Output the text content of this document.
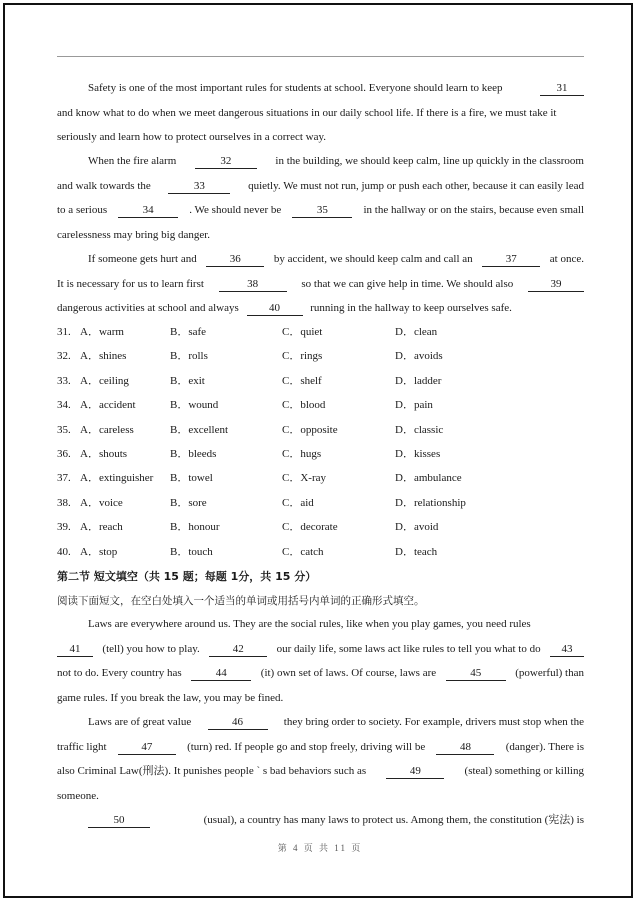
Safety is one of the most important rules for students at school. Everyone should learn to keep	31
and know what to do when we meet dangerous situations in our daily school life. If there is a fire, we must take it
seriously and learn how to protect ourselves in a correct way.
When the fire alarm	32	in the building, we should keep calm, line up quickly in the classroom
and walk towards the	33	quietly. We must not run, jump or push each other, because it can easily lead
to a serious	34	. We should never be	35	in the hallway or on the stairs, because even small
carelessness may bring big danger.
If someone gets hurt and	36	by accident, we should keep calm and call an	37	at once.
It is necessary for us to learn first	38	so that we can give help in time. We should also	39
dangerous activities at school and always	40	running in the hallway to keep ourselves safe.
31. A．warm	B．safe	C．quiet	D．clean
32. A．shines	B．rolls	C．rings	D．avoids
33. A．ceiling	B．exit	C．shelf	D．ladder
34. A．accident	B．wound	C．blood	D．pain
35. A．careless	B．excellent	C．opposite	D．classic
36. A．shouts	B．bleeds	C．hugs	D．kisses
37. A．extinguisher B．towel	C．X-ray	D．ambulance
38. A．voice	B．sore	C．aid	D．relationship
39. A．reach	B．honour	C．decorate	D．avoid
40. A．stop	B．touch	C．catch	D．teach
第二节 短文填空（共 15 题；每题 1分，共 15 分）
阅读下面短文，在空白处填入一个适当的单词或用括号内单词的正确形式填空。
Laws are everywhere around us. They are the social rules, like when you play games, you need rules
41	(tell) you how to play.	42	our daily life, some laws act like rules to tell you what to do	43
not to do. Every country has	44	(it) own set of laws. Of course, laws are	45	(powerful) than
game rules. If you break the law, you may be fined.
Laws are of great value	46	they bring order to society. For example, drivers must stop when the
traffic light	47	(turn) red. If people go and stop freely, driving will be	48	(danger). There is
also Criminal Law(刑法). It punishes people ` s bad behaviors such as	49	(steal) something or killing
someone.
50	(usual), a country has many laws to protect us. Among them, the constitution (宪法) is
第 4 页 共 11 页
